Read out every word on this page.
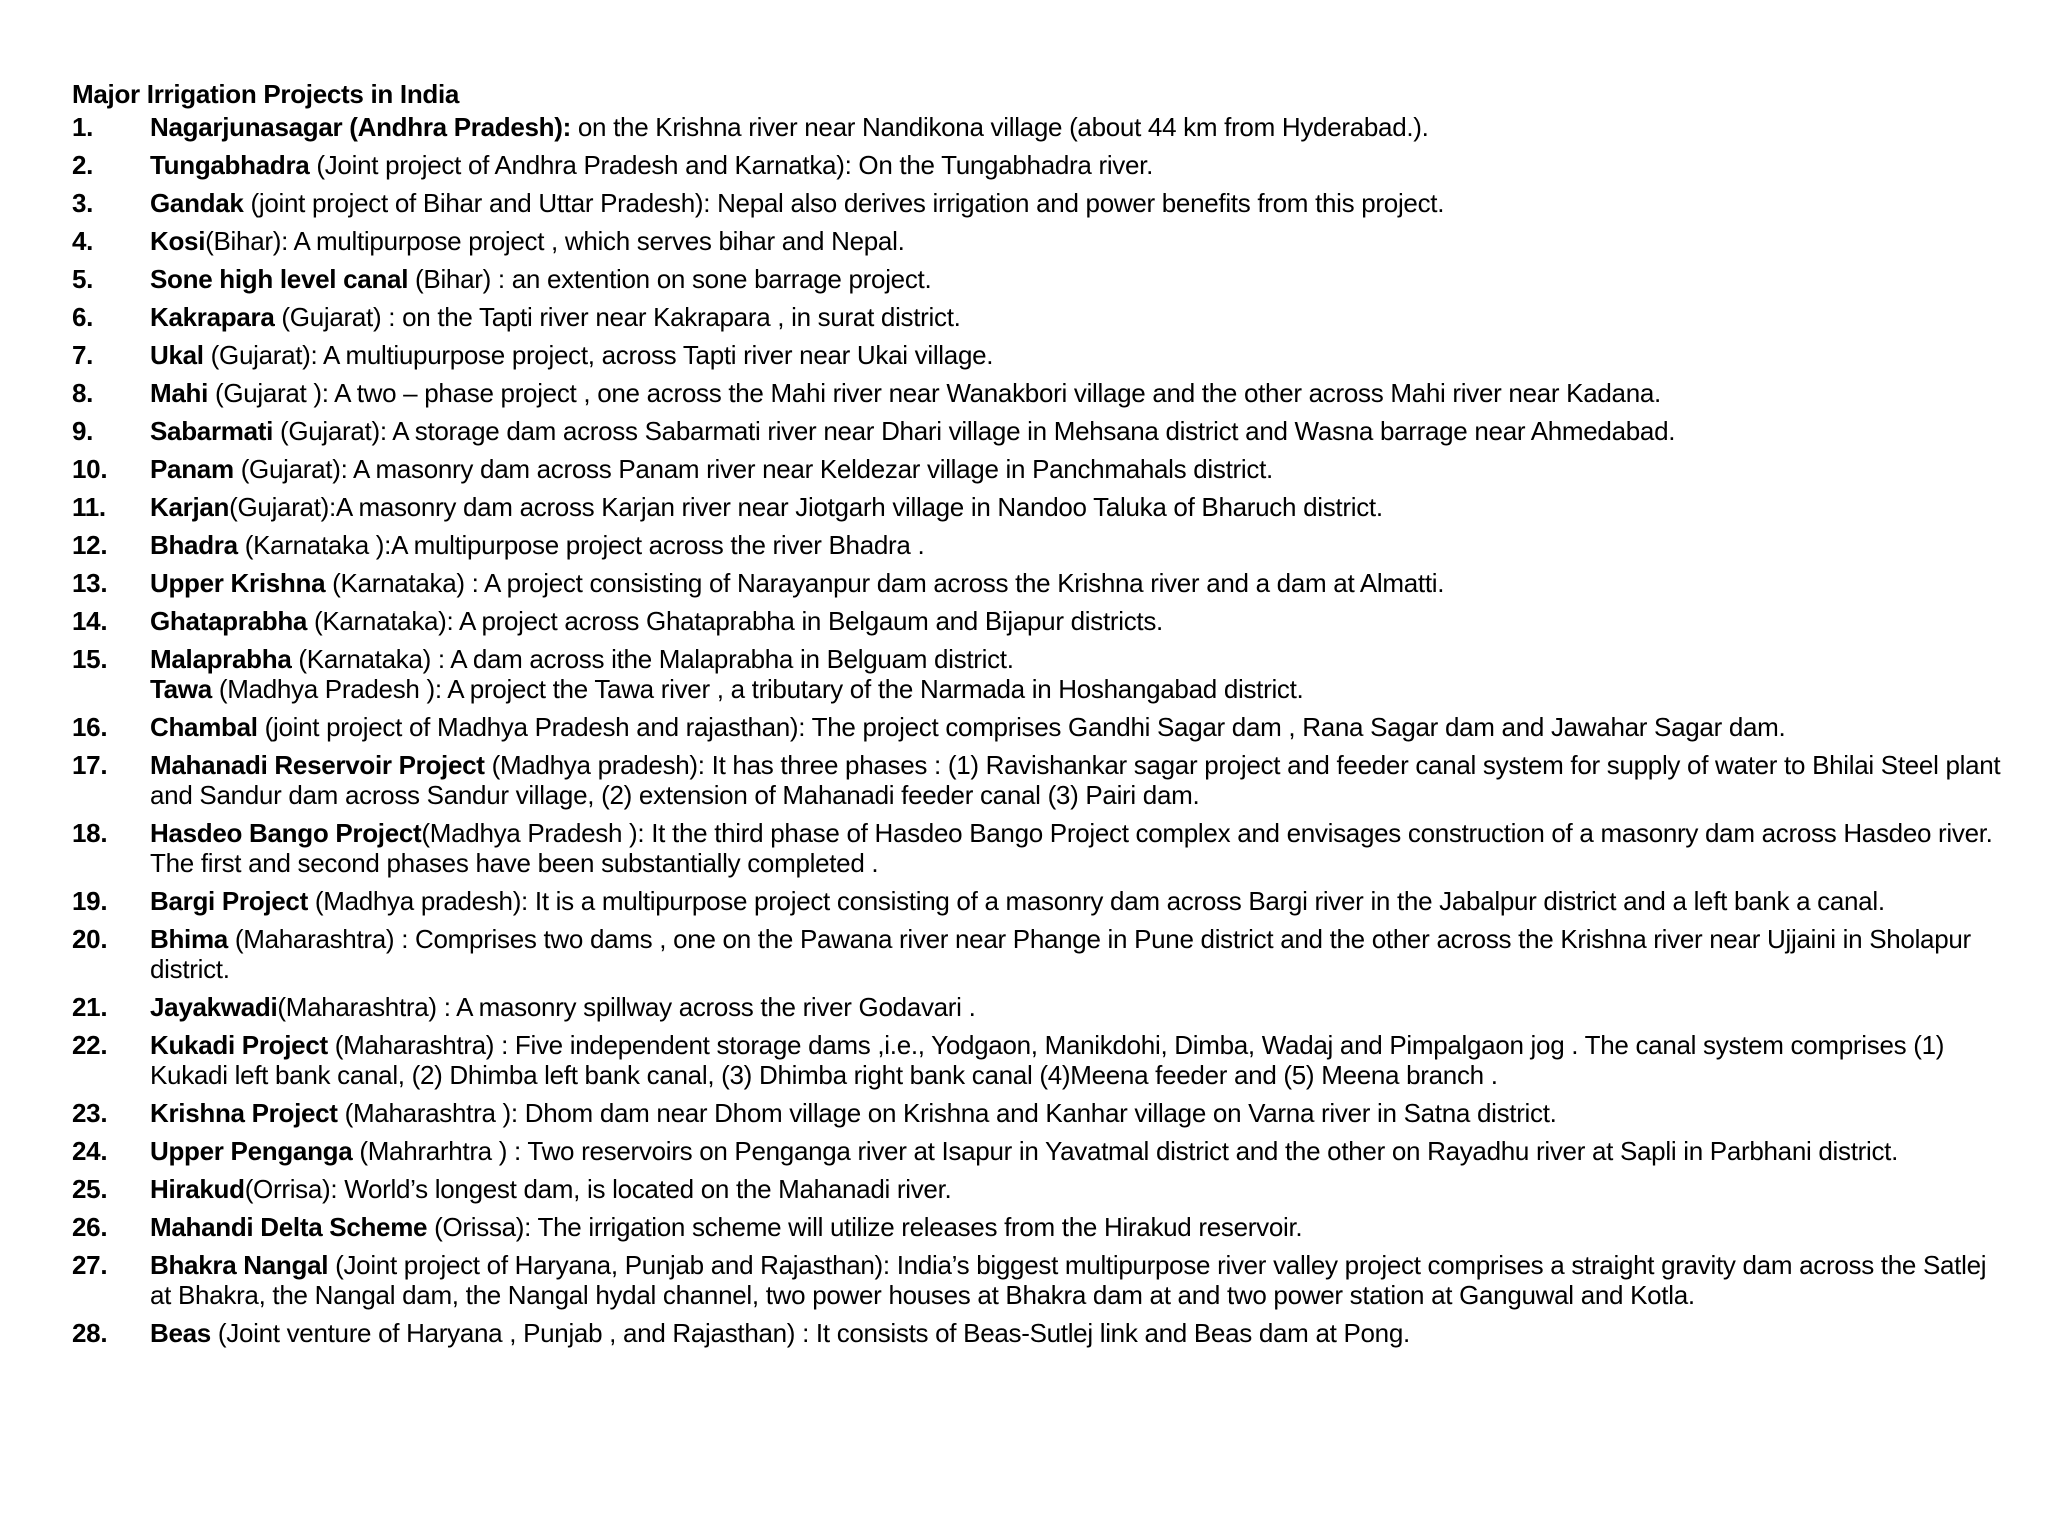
Major Irrigation Projects in India
1.	Nagarjunasagar (Andhra Pradesh): on the Krishna river near Nandikona village (about 44 km from Hyderabad.).
2.	Tungabhadra (Joint project of Andhra Pradesh and Karnatka): On the Tungabhadra river.
3.	Gandak (joint project of Bihar and Uttar Pradesh): Nepal also derives irrigation and power benefits from this project.
4.	Kosi(Bihar): A multipurpose project , which serves bihar and Nepal.
5.	Sone high level canal (Bihar) : an extention on sone barrage project.
6.	Kakrapara (Gujarat) : on the Tapti river near Kakrapara , in surat district.
7.	Ukal (Gujarat): A multiupurpose project, across Tapti river near Ukai village.
8.	Mahi (Gujarat ): A two – phase project , one across the Mahi river near Wanakbori village and the other across Mahi river near Kadana.
9.	Sabarmati (Gujarat): A storage dam across Sabarmati river near Dhari village in Mehsana district and Wasna barrage near Ahmedabad.
10.	Panam (Gujarat): A masonry dam across Panam river near Keldezar village in Panchmahals district.
11.	Karjan(Gujarat):A masonry dam across Karjan river near Jiotgarh village in Nandoo Taluka of Bharuch district.
12.	Bhadra (Karnataka ):A multipurpose project across the river Bhadra .
13.	Upper Krishna (Karnataka) : A project consisting of Narayanpur dam across the Krishna river and a dam at Almatti.
14.	Ghataprabha (Karnataka): A project across Ghataprabha in Belgaum and Bijapur districts.
15.	Malaprabha (Karnataka) : A dam across ithe Malaprabha in Belguam district.
Tawa (Madhya Pradesh ): A project the Tawa river , a tributary of the Narmada in Hoshangabad district.
16.	Chambal (joint project of Madhya Pradesh and rajasthan): The project comprises Gandhi Sagar dam , Rana Sagar dam and Jawahar Sagar dam.
17.	Mahanadi Reservoir Project (Madhya pradesh): It has three phases : (1) Ravishankar sagar project and feeder canal system for supply of water to Bhilai Steel plant and Sandur dam across Sandur village, (2) extension of Mahanadi feeder canal (3) Pairi dam.
18.	Hasdeo Bango Project(Madhya Pradesh ): It the third phase of Hasdeo Bango Project complex and envisages construction of a masonry dam across Hasdeo river. The first and second phases have been substantially completed .
19.	Bargi Project (Madhya pradesh): It is a multipurpose project consisting of a masonry dam across Bargi river in the Jabalpur district and a left bank a canal.
20.	Bhima (Maharashtra) : Comprises two dams , one on the Pawana river near Phange in Pune district and the other across the Krishna river near Ujjaini in Sholapur district.
21.	Jayakwadi(Maharashtra) : A masonry spillway across the river Godavari .
22.	Kukadi Project (Maharashtra) : Five independent storage dams ,i.e., Yodgaon, Manikdohi, Dimba, Wadaj and Pimpalgaon jog . The canal system comprises (1) Kukadi left bank canal, (2) Dhimba left bank canal, (3) Dhimba right bank canal (4)Meena feeder and (5) Meena branch .
23.	Krishna Project (Maharashtra ): Dhom dam near Dhom village on Krishna and Kanhar village on Varna river in Satna district.
24.	Upper Penganga (Mahrarhtra ) : Two reservoirs on Penganga river at Isapur in Yavatmal district and the other on Rayadhu river at Sapli in Parbhani district.
25.	Hirakud(Orrisa): World’s longest dam, is located on the Mahanadi river.
26.	Mahandi Delta Scheme (Orissa): The irrigation scheme will utilize releases from the Hirakud reservoir.
27.	Bhakra Nangal (Joint project of Haryana, Punjab and Rajasthan): India’s biggest multipurpose river valley project comprises a straight gravity dam across the Satlej at Bhakra, the Nangal dam, the Nangal hydal channel, two power houses at Bhakra dam at and two power station at Ganguwal and Kotla.
28.	Beas (Joint venture of Haryana , Punjab , and Rajasthan) : It consists of Beas-Sutlej link and Beas dam at Pong.
